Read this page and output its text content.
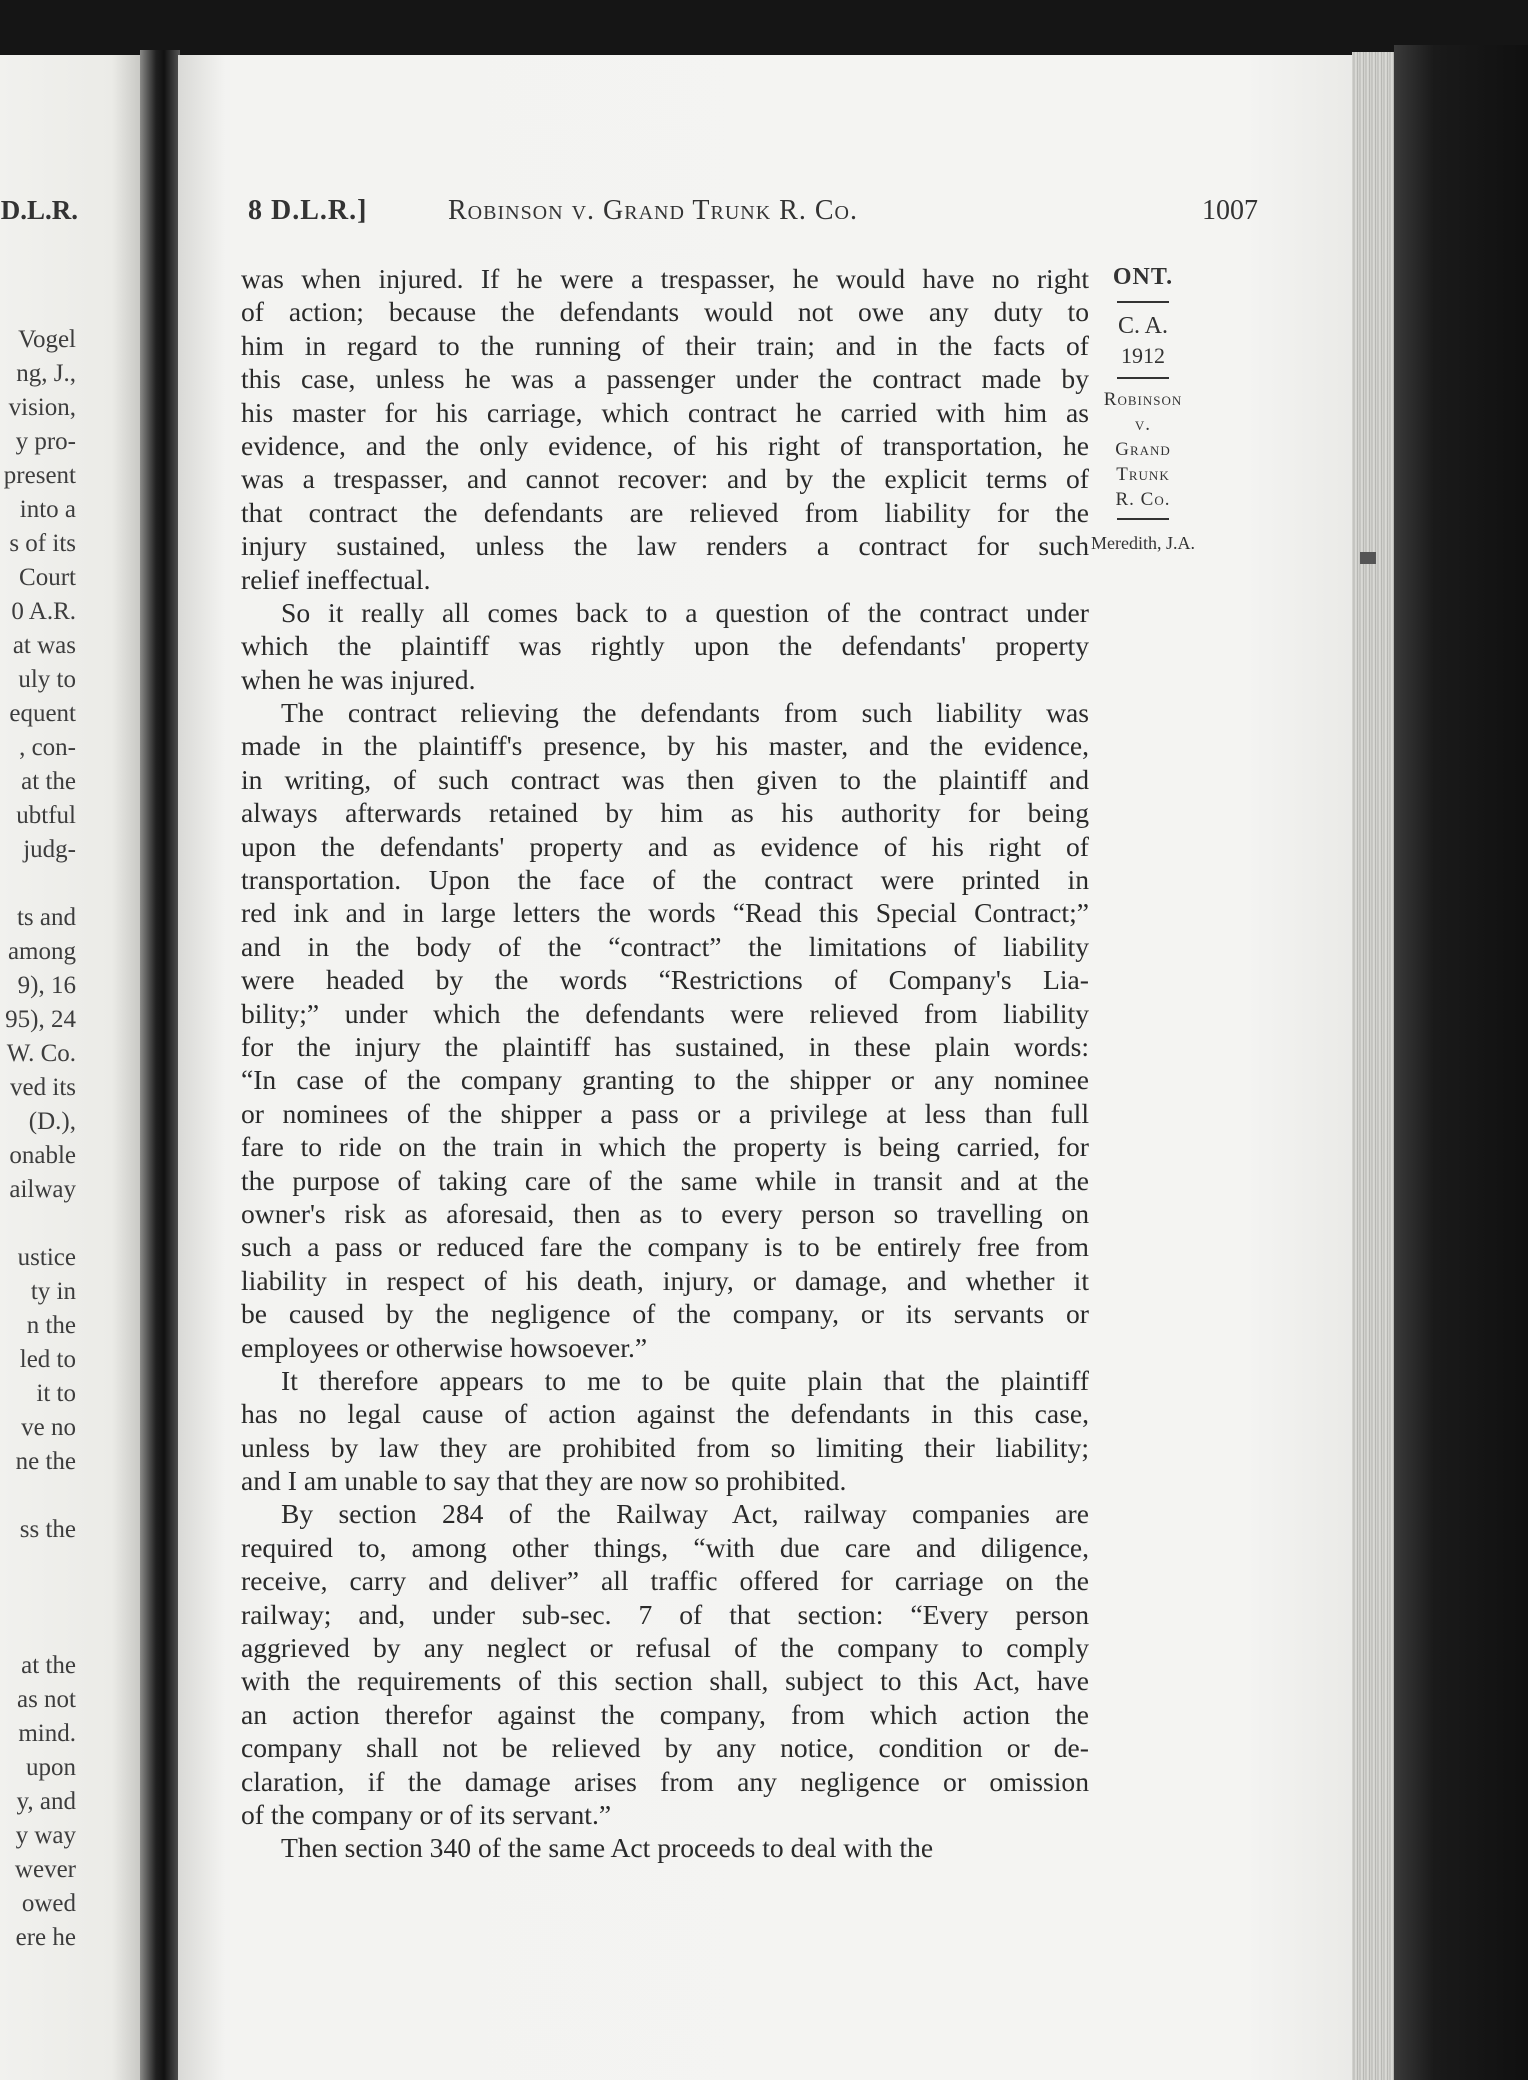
D.L.R.
Vogel
ng, J.,
vision,
y pro-
present
into a
s of its
Court
0 A.R.
at was
uly to
equent
, con-
at the
ubtful
judg-
ts and
among
9), 16
95), 24
W. Co.
ved its
(D.),
onable
ailway
ustice
ty in
n the
led to
it to
ve no
ne the
ss the
at the
as not
mind.
upon
y, and
y way
wever
owed
ere he
8 D.L.R.]	Robinson v. Grand Trunk R. Co.	1007
was when injured. If he were a trespasser, he would have no right
of action; because the defendants would not owe any duty to
him in regard to the running of their train; and in the facts of
this case, unless he was a passenger under the contract made by
his master for his carriage, which contract he carried with him as
evidence, and the only evidence, of his right of transportation, he
was a trespasser, and cannot recover: and by the explicit terms of
that contract the defendants are relieved from liability for the
injury sustained, unless the law renders a contract for such
relief ineffectual.
So it really all comes back to a question of the contract under
which the plaintiff was rightly upon the defendants' property
when he was injured.
The contract relieving the defendants from such liability was
made in the plaintiff's presence, by his master, and the evidence,
in writing, of such contract was then given to the plaintiff and
always afterwards retained by him as his authority for being
upon the defendants' property and as evidence of his right of
transportation. Upon the face of the contract were printed in
red ink and in large letters the words “Read this Special Contract;”
and in the body of the “contract” the limitations of liability
were headed by the words “Restrictions of Company's Lia-
bility;” under which the defendants were relieved from liability
for the injury the plaintiff has sustained, in these plain words:
“In case of the company granting to the shipper or any nominee
or nominees of the shipper a pass or a privilege at less than full
fare to ride on the train in which the property is being carried, for
the purpose of taking care of the same while in transit and at the
owner's risk as aforesaid, then as to every person so travelling on
such a pass or reduced fare the company is to be entirely free from
liability in respect of his death, injury, or damage, and whether it
be caused by the negligence of the company, or its servants or
employees or otherwise howsoever.”
It therefore appears to me to be quite plain that the plaintiff
has no legal cause of action against the defendants in this case,
unless by law they are prohibited from so limiting their liability;
and I am unable to say that they are now so prohibited.
By section 284 of the Railway Act, railway companies are
required to, among other things, “with due care and diligence,
receive, carry and deliver” all traffic offered for carriage on the
railway; and, under sub-sec. 7 of that section: “Every person
aggrieved by any neglect or refusal of the company to comply
with the requirements of this section shall, subject to this Act, have
an action therefor against the company, from which action the
company shall not be relieved by any notice, condition or de-
claration, if the damage arises from any negligence or omission
of the company or of its servant.”
Then section 340 of the same Act proceeds to deal with the
ONT.
C. A.
1912
Robinson
v.
Grand
Trunk
R. Co.
Meredith, J.A.
